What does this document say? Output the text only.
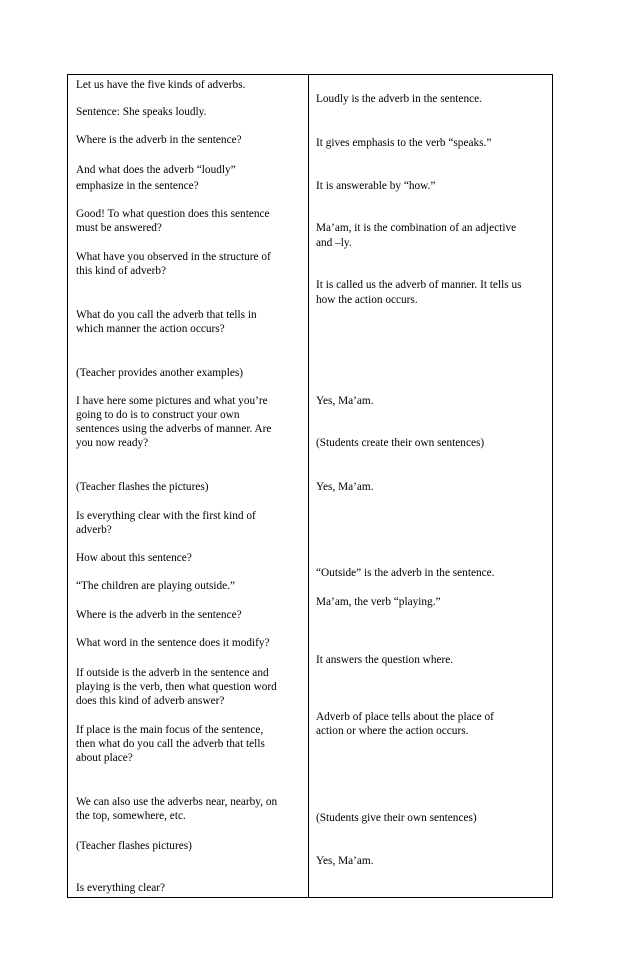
Let us have the five kinds of adverbs.
Sentence: She speaks loudly.
Where is the adverb in the sentence?
And what does the adverb “loudly”
emphasize in the sentence?
Good! To what question does this sentence
must be answered?
What have you observed in the structure of
this kind of adverb?
What do you call the adverb that tells in
which manner the action occurs?
(Teacher provides another examples)
I have here some pictures and what you’re
going to do is to construct your own
sentences using the adverbs of manner. Are
you now ready?
(Teacher flashes the pictures)
Is everything clear with the first kind of
adverb?
How about this sentence?
“The children are playing outside.”
Where is the adverb in the sentence?
What word in the sentence does it modify?
If outside is the adverb in the sentence and
playing is the verb, then what question word
does this kind of adverb answer?
If place is the main focus of the sentence,
then what do you call the adverb that tells
about place?
We can also use the adverbs near, nearby, on
the top, somewhere, etc.
(Teacher flashes pictures)
Is everything clear?
Loudly is the adverb in the sentence.
It gives emphasis to the verb “speaks.”
It is answerable by “how.”
Ma’am, it is the combination of an adjective
and –ly.
It is called us the adverb of manner. It tells us
how the action occurs.
Yes, Ma’am.
(Students create their own sentences)
Yes, Ma’am.
“Outside” is the adverb in the sentence.
Ma’am, the verb “playing.”
It answers the question where.
Adverb of place tells about the place of
action or where the action occurs.
(Students give their own sentences)
Yes, Ma’am.
